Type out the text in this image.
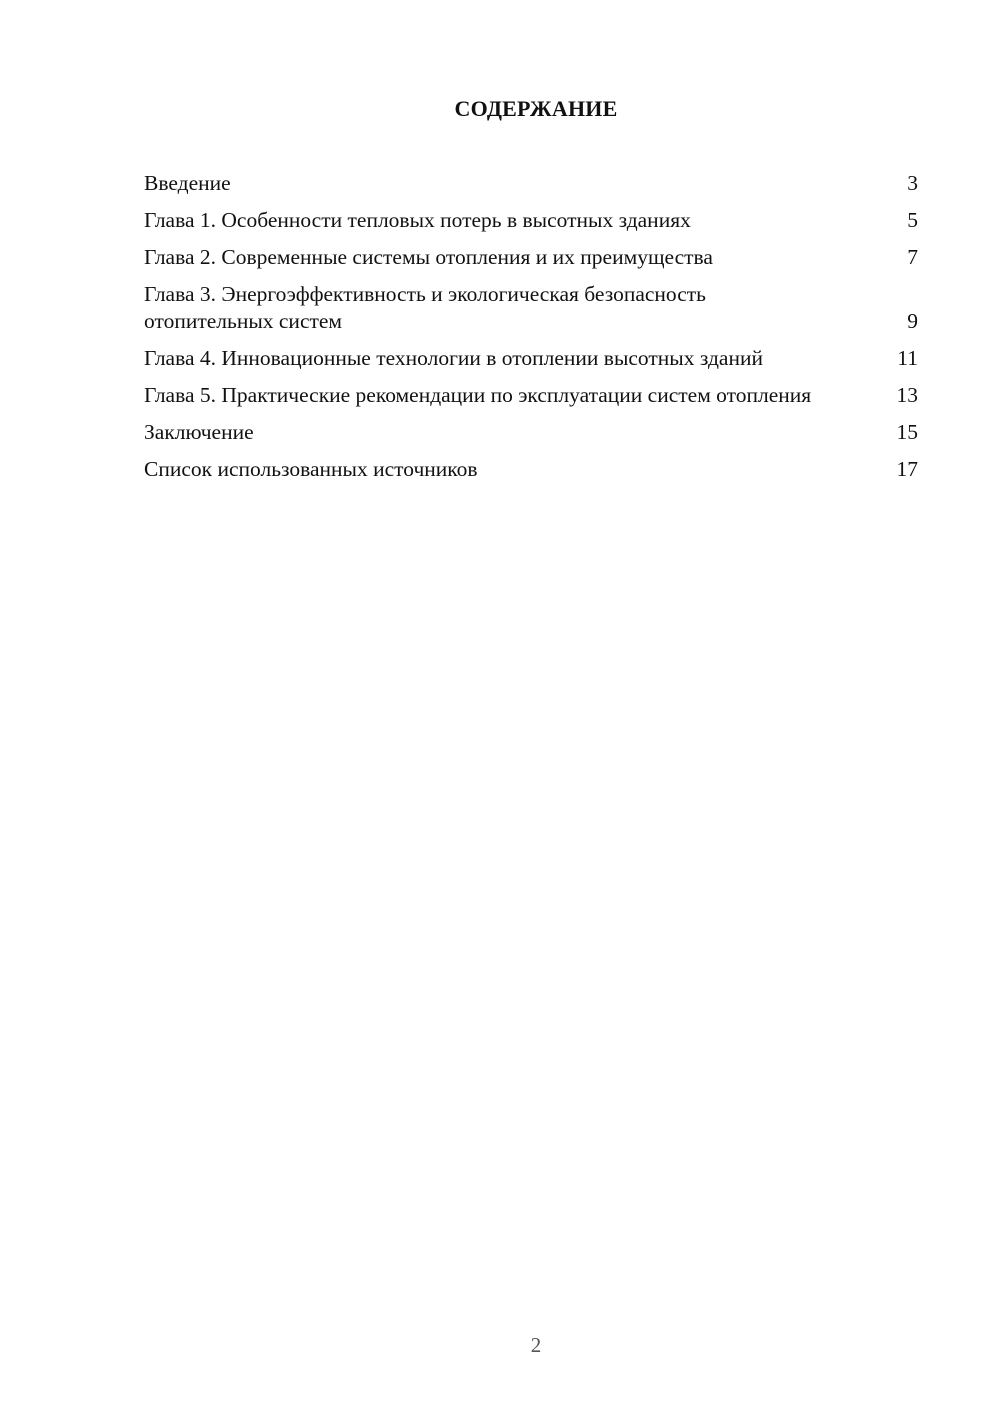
СОДЕРЖАНИЕ
Введение	3
Глава 1. Особенности тепловых потерь в высотных зданиях	5
Глава 2. Современные системы отопления и их преимущества	7
Глава 3. Энергоэффективность и экологическая безопасность отопительных систем	9
Глава 4. Инновационные технологии в отоплении высотных зданий	11
Глава 5. Практические рекомендации по эксплуатации систем отопления	13
Заключение	15
Список использованных источников	17
2
